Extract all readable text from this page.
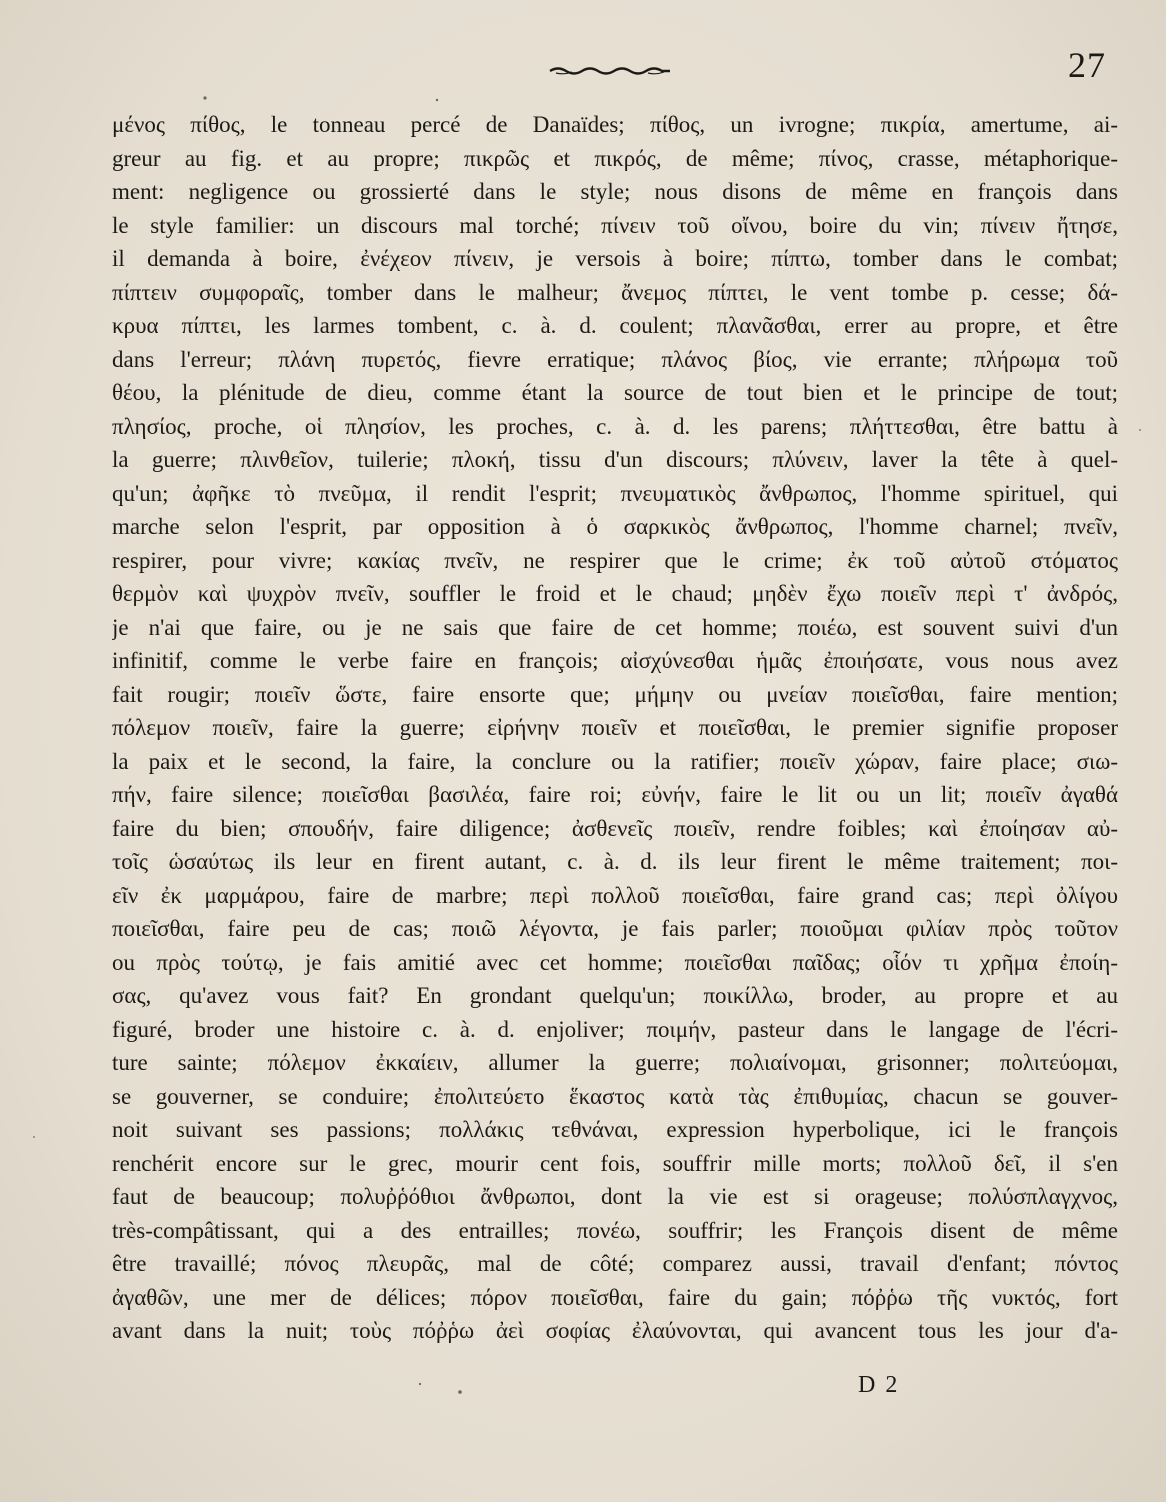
27
μένος πίθος, le tonneau percé de Danaïdes; πίθος, un ivrogne; πικρία, amertume, ai-
greur au fig. et au propre; πικρῶς et πικρός, de même; πίνος, crasse, métaphorique-
ment: negligence ou grossierté dans le style; nous disons de même en françois dans
le style familier: un discours mal torché; πίνειν τοῦ οἴνου, boire du vin; πίνειν ἤτησε,
il demanda à boire, ἐνέχεον πίνειν, je versois à boire; πίπτω, tomber dans le combat;
πίπτειν συμφοραῖς, tomber dans le malheur; ἄνεμος πίπτει, le vent tombe p. cesse; δά-
κρυα πίπτει, les larmes tombent, c. à. d. coulent; πλανᾶσθαι, errer au propre, et être
dans l'erreur; πλάνη πυρετός, fievre erratique; πλάνος βίος, vie errante; πλήρωμα τοῦ
θέου, la plénitude de dieu, comme étant la source de tout bien et le principe de tout;
πλησίος, proche, οἱ πλησίον, les proches, c. à. d. les parens; πλήττεσθαι, être battu à
la guerre; πλινθεῖον, tuilerie; πλοκή, tissu d'un discours; πλύνειν, laver la tête à quel-
qu'un; ἀφῆκε τὸ πνεῦμα, il rendit l'esprit; πνευματικὸς ἄνθρωπος, l'homme spirituel, qui
marche selon l'esprit, par opposition à ὁ σαρκικὸς ἄνθρωπος, l'homme charnel; πνεῖν,
respirer, pour vivre; κακίας πνεῖν, ne respirer que le crime; ἐκ τοῦ αὐτοῦ στόματος
θερμὸν καὶ ψυχρὸν πνεῖν, souffler le froid et le chaud; μηδὲν ἔχω ποιεῖν περὶ τ' ἀνδρός,
je n'ai que faire, ou je ne sais que faire de cet homme; ποιέω, est souvent suivi d'un
infinitif, comme le verbe faire en françois; αἰσχύνεσθαι ἡμᾶς ἐποιήσατε, vous nous avez
fait rougir; ποιεῖν ὥστε, faire ensorte que; μήμην ou μνείαν ποιεῖσθαι, faire mention;
πόλεμον ποιεῖν, faire la guerre; εἰρήνην ποιεῖν et ποιεῖσθαι, le premier signifie proposer
la paix et le second, la faire, la conclure ou la ratifier; ποιεῖν χώραν, faire place; σιω-
πήν, faire silence; ποιεῖσθαι βασιλέα, faire roi; εὐνήν, faire le lit ou un lit; ποιεῖν ἀγαθά
faire du bien; σπουδήν, faire diligence; ἀσθενεῖς ποιεῖν, rendre foibles; καὶ ἐποίησαν αὐ-
τοῖς ὡσαύτως ils leur en firent autant, c. à. d. ils leur firent le même traitement; ποι-
εῖν ἐκ μαρμάρου, faire de marbre; περὶ πολλοῦ ποιεῖσθαι, faire grand cas; περὶ ὀλίγου
ποιεῖσθαι, faire peu de cas; ποιῶ λέγοντα, je fais parler; ποιοῦμαι φιλίαν πρὸς τοῦτον
ou πρὸς τούτῳ, je fais amitié avec cet homme; ποιεῖσθαι παῖδας; οἷόν τι χρῆμα ἐποίη-
σας, qu'avez vous fait? En grondant quelqu'un; ποικίλλω, broder, au propre et au
figuré, broder une histoire c. à. d. enjoliver; ποιμήν, pasteur dans le langage de l'écri-
ture sainte; πόλεμον ἐκκαίειν, allumer la guerre; πολιαίνομαι, grisonner; πολιτεύομαι,
se gouverner, se conduire; ἐπολιτεύετο ἕκαστος κατὰ τὰς ἐπιθυμίας, chacun se gouver-
noit suivant ses passions; πολλάκις τεθνάναι, expression hyperbolique, ici le françois
renchérit encore sur le grec, mourir cent fois, souffrir mille morts; πολλοῦ δεῖ, il s'en
faut de beaucoup; πολυῤῥόθιοι ἄνθρωποι, dont la vie est si orageuse; πολύσπλαγχνος,
très-compâtissant, qui a des entrailles; πονέω, souffrir; les François disent de même
être travaillé; πόνος πλευρᾶς, mal de côté; comparez aussi, travail d'enfant; πόντος
ἀγαθῶν, une mer de délices; πόρον ποιεῖσθαι, faire du gain; πόῤῥω τῆς νυκτός, fort
avant dans la nuit; τοὺς πόῤῥω ἀεὶ σοφίας ἐλαύνονται, qui avancent tous les jour d'a-
D 2
